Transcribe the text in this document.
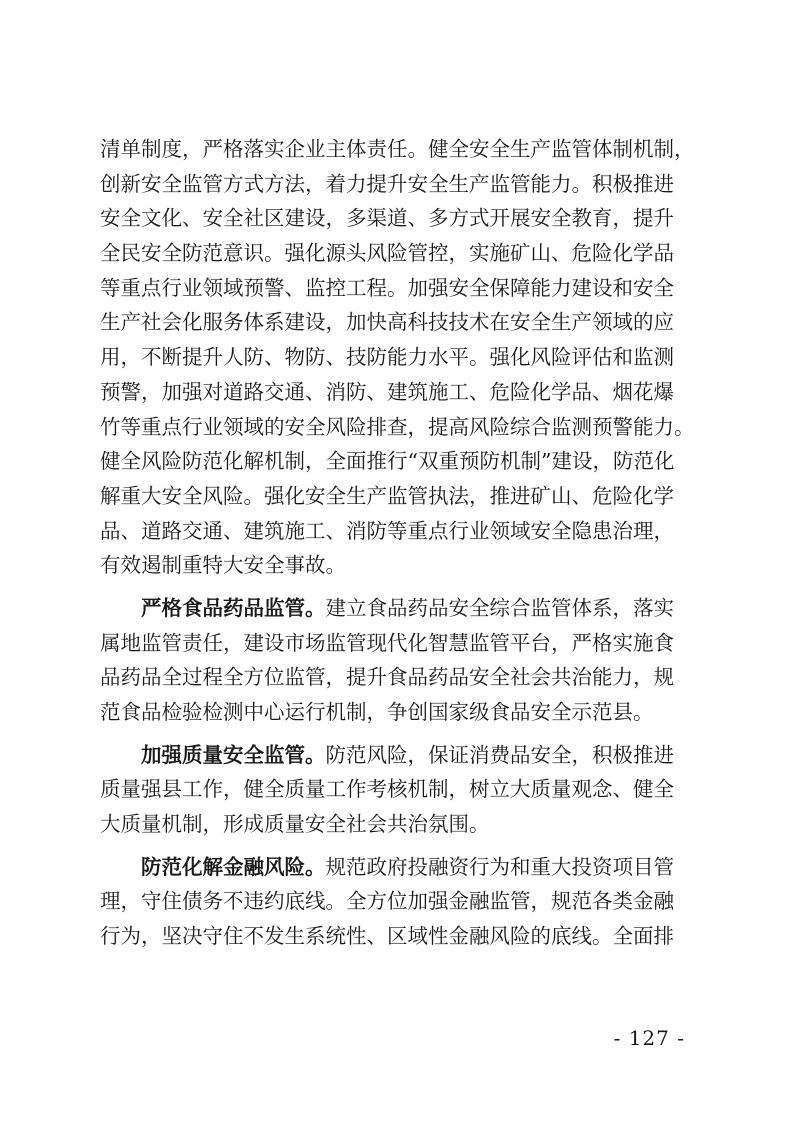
清单制度，严格落实企业主体责任。健全安全生产监管体制机制，
创新安全监管方式方法，着力提升安全生产监管能力。积极推进
安全文化、安全社区建设，多渠道、多方式开展安全教育，提升
全民安全防范意识。强化源头风险管控，实施矿山、危险化学品
等重点行业领域预警、监控工程。加强安全保障能力建设和安全
生产社会化服务体系建设，加快高科技技术在安全生产领域的应
用，不断提升人防、物防、技防能力水平。强化风险评估和监测
预警，加强对道路交通、消防、建筑施工、危险化学品、烟花爆
竹等重点行业领域的安全风险排查，提高风险综合监测预警能力。
健全风险防范化解机制，全面推行“双重预防机制”建设，防范化
解重大安全风险。强化安全生产监管执法，推进矿山、危险化学
品、道路交通、建筑施工、消防等重点行业领域安全隐患治理，
有效遏制重特大安全事故。
严格食品药品监管。建立食品药品安全综合监管体系，落实
属地监管责任，建设市场监管现代化智慧监管平台，严格实施食
品药品全过程全方位监管，提升食品药品安全社会共治能力，规
范食品检验检测中心运行机制，争创国家级食品安全示范县。
加强质量安全监管。防范风险，保证消费品安全，积极推进
质量强县工作，健全质量工作考核机制，树立大质量观念、健全
大质量机制，形成质量安全社会共治氛围。
防范化解金融风险。规范政府投融资行为和重大投资项目管
理，守住债务不违约底线。全方位加强金融监管，规范各类金融
行为，坚决守住不发生系统性、区域性金融风险的底线。全面排
- 127 -
